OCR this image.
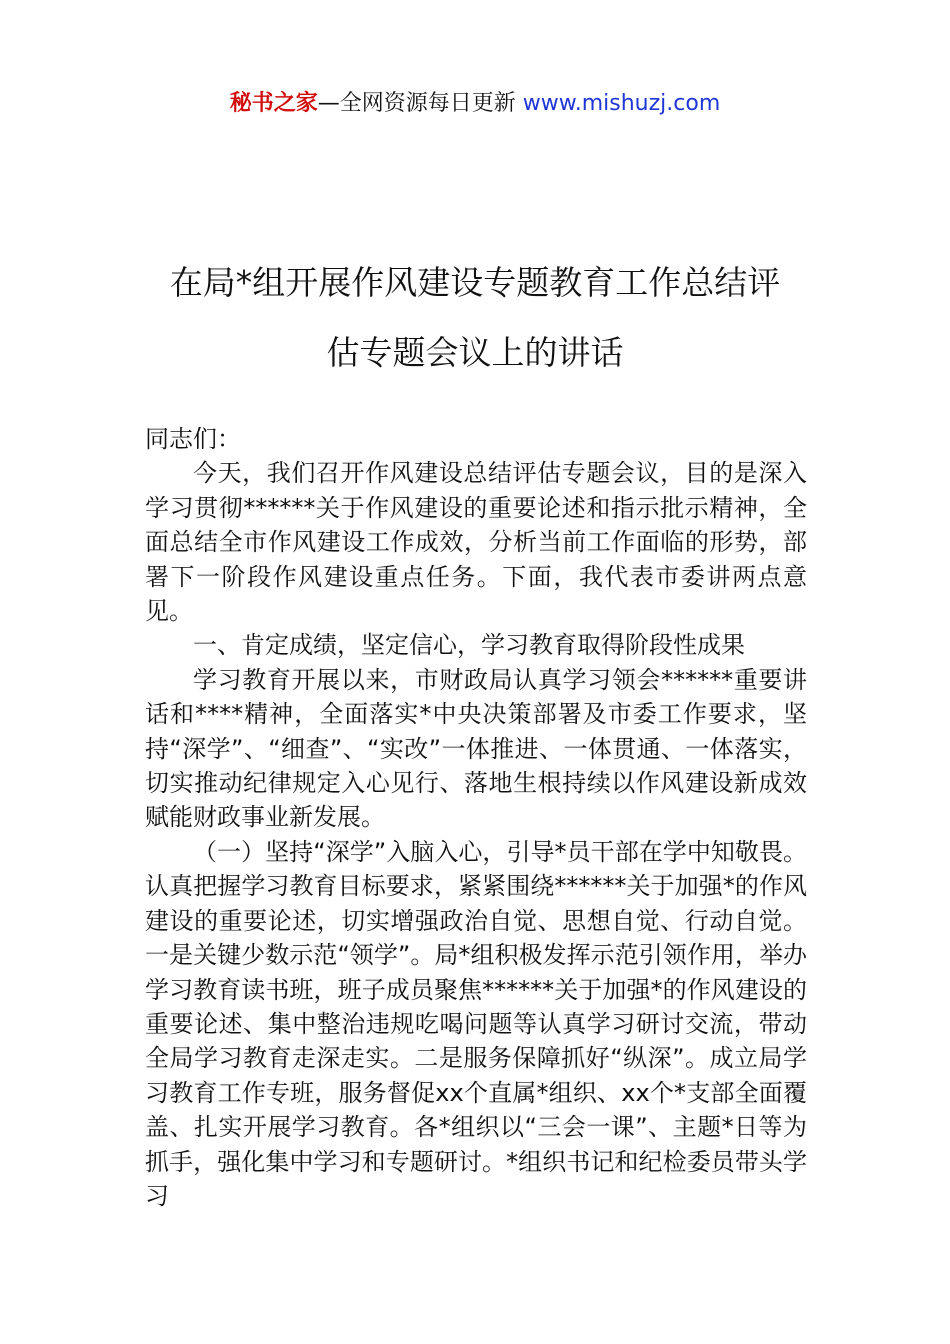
秘书之家—全网资源每日更新 www.mishuzj.com
在局*组开展作风建设专题教育工作总结评
估专题会议上的讲话

同志们：

今天，我们召开作风建设总结评估专题会议，目的是深入学习贯彻******关于作风建设的重要论述和指示批示精神，全面总结全市作风建设工作成效，分析当前工作面临的形势，部署下一阶段作风建设重点任务。下面，我代表市委讲两点意见。

一、肯定成绩，坚定信心，学习教育取得阶段性成果

学习教育开展以来，市财政局认真学习领会******重要讲话和****精神，全面落实*中央决策部署及市委工作要求，坚持“深学”、“细查”、“实改”一体推进、一体贯通、一体落实，切实推动纪律规定入心见行、落地生根持续以作风建设新成效赋能财政事业新发展。

（一）坚持“深学”入脑入心，引导*员干部在学中知敬畏。认真把握学习教育目标要求，紧紧围绕******关于加强*的作风建设的重要论述，切实增强政治自觉、思想自觉、行动自觉。一是关键少数示范“领学”。局*组积极发挥示范引领作用，举办学习教育读书班，班子成员聚焦******关于加强*的作风建设的重要论述、集中整治违规吃喝问题等认真学习研讨交流，带动全局学习教育走深走实。二是服务保障抓好“纵深”。成立局学习教育工作专班，服务督促xx个直属*组织、xx个*支部全面覆盖、扎实开展学习教育。各*组织以“三会一课”、主题*日等为抓手，强化集中学习和专题研讨。*组织书记和纪检委员带头学习
